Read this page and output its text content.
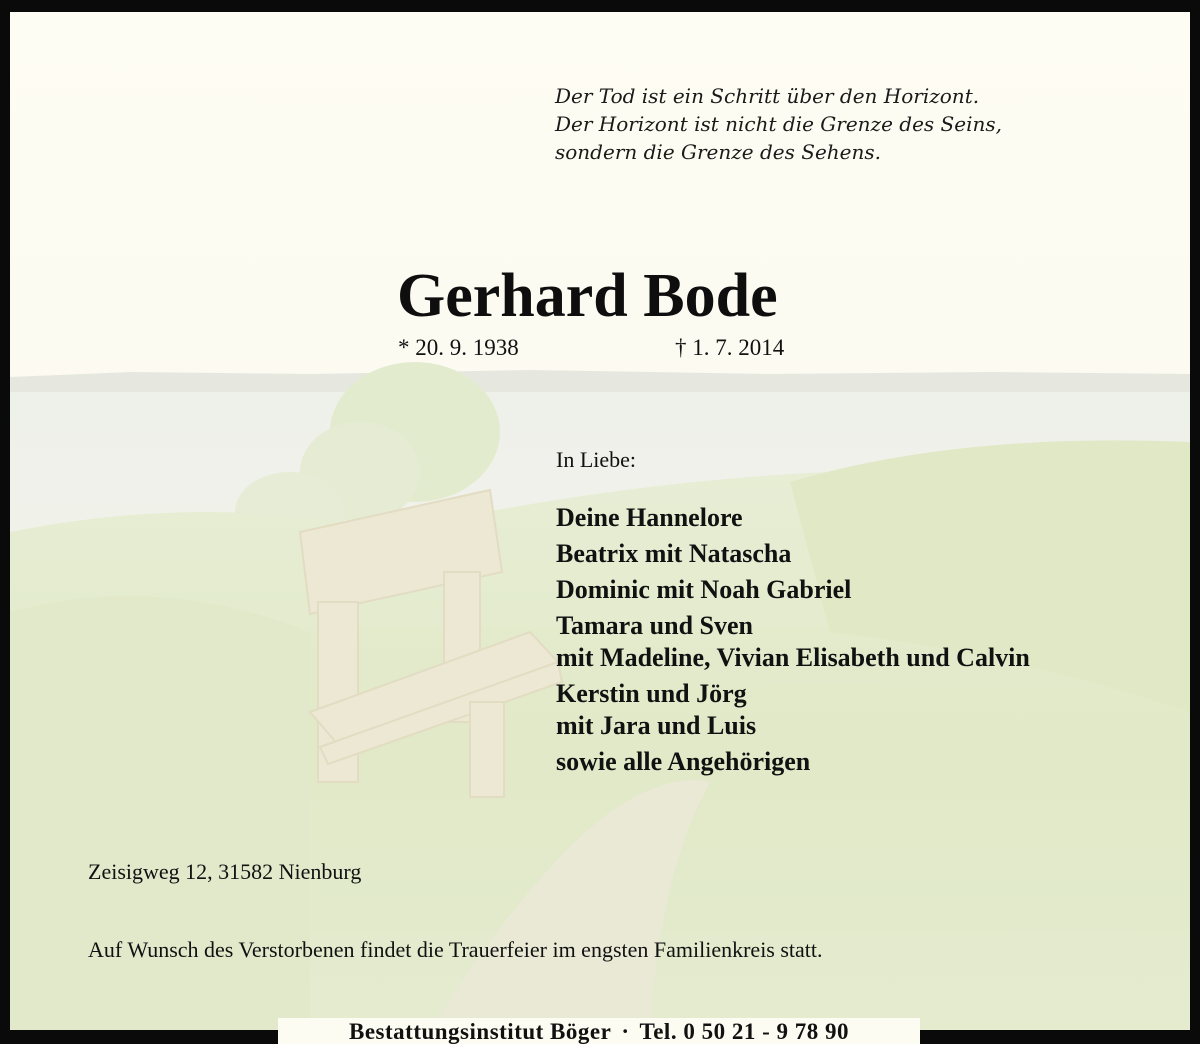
Der Tod ist ein Schritt über den Horizont.
Der Horizont ist nicht die Grenze des Seins,
sondern die Grenze des Sehens.
Gerhard Bode
* 20. 9. 1938	† 1. 7. 2014
In Liebe:
Deine Hannelore
Beatrix mit Natascha
Dominic mit Noah Gabriel
Tamara und Sven
mit Madeline, Vivian Elisabeth und Calvin
Kerstin und Jörg
mit Jara und Luis
sowie alle Angehörigen
Zeisigweg 12, 31582 Nienburg
Auf Wunsch des Verstorbenen findet die Trauerfeier im engsten Familienkreis statt.
Bestattungsinstitut Böger · Tel. 0 50 21 - 9 78 90
